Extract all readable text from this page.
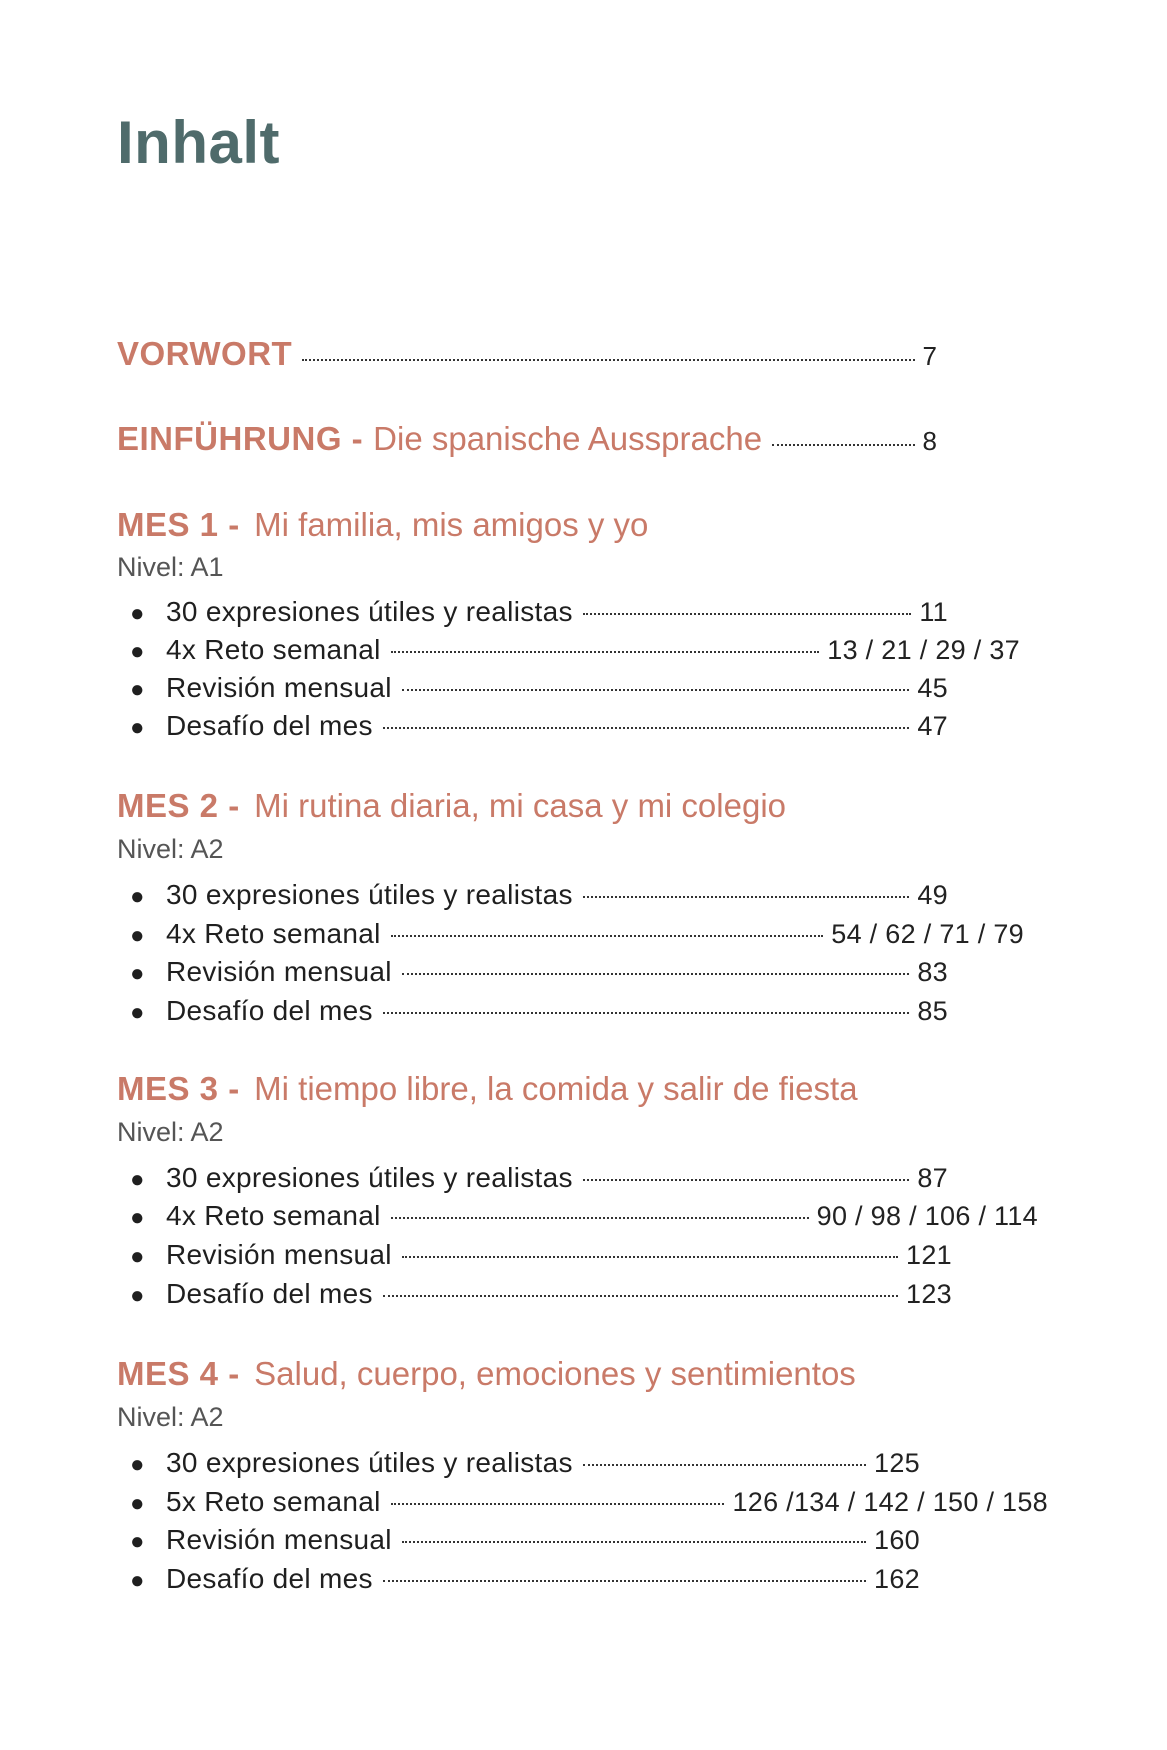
Inhalt
VORWORT	7
EINFÜHRUNG - Die spanische Aussprache	8
MES 1 - Mi familia, mis amigos y yo
Nivel: A1
● 30 expresiones útiles y realistas	11
● 4x Reto semanal	13 / 21 / 29 / 37
● Revisión mensual	45
● Desafío del mes	47
MES 2 - Mi rutina diaria, mi casa y mi colegio
Nivel: A2
● 30 expresiones útiles y realistas	49
● 4x Reto semanal	54 / 62 / 71 / 79
● Revisión mensual	83
● Desafío del mes	85
MES 3 - Mi tiempo libre, la comida y salir de fiesta
Nivel: A2
● 30 expresiones útiles y realistas	87
● 4x Reto semanal	90 / 98 / 106 / 114
● Revisión mensual	121
● Desafío del mes	123
MES 4 - Salud, cuerpo, emociones y sentimientos
Nivel: A2
● 30 expresiones útiles y realistas	125
● 5x Reto semanal	126 /134 / 142 / 150 / 158
● Revisión mensual	160
● Desafío del mes	162
